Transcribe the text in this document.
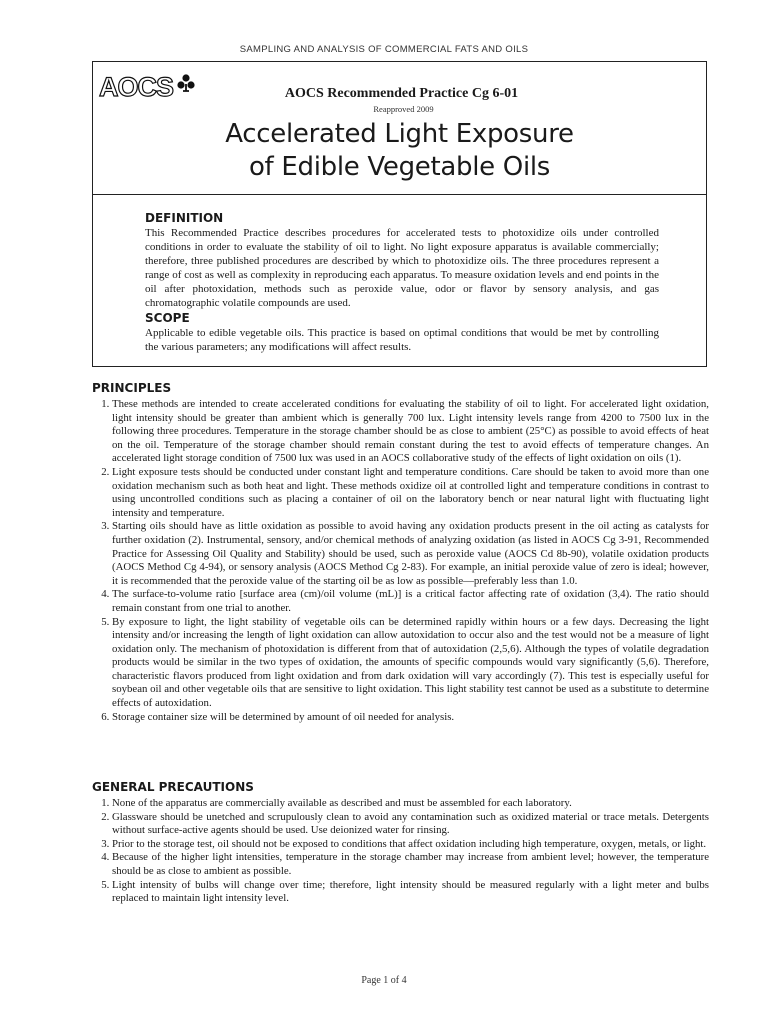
SAMPLING AND ANALYSIS OF COMMERCIAL FATS AND OILS
AOCS	AOCS Recommended Practice Cg 6-01
Reapproved 2009
Accelerated Light Exposure
of Edible Vegetable Oils
DEFINITION

This Recommended Practice describes procedures for accelerated tests to photoxidize oils under controlled conditions in order to evaluate the stability of oil to light. No light exposure apparatus is available commercially; therefore, three published procedures are described by which to photoxidize oils. The three procedures represent a range of cost as well as complexity in reproducing each apparatus. To measure oxidation levels and end points in the oil after photoxidation, methods such as peroxide value, odor or flavor by sensory analysis, and gas chromatographic volatile compounds are used.

SCOPE

Applicable to edible vegetable oils. This practice is based on optimal conditions that would be met by controlling the various parameters; any modifications will affect results.

PRINCIPLES
1. These methods are intended to create accelerated conditions for evaluating the stability of oil to light. For accelerated light oxidation, light intensity should be greater than ambient which is generally 700 lux. Light intensity levels range from 4200 to 7500 lux in the following three procedures. Temperature in the storage chamber should be as close to ambient (25°C) as possible to avoid effects of heat on the oil. Temperature of the storage chamber should remain constant during the test to avoid effects of temperature changes. An accelerated light storage condition of 7500 lux was used in an AOCS collaborative study of the effects of light oxidation on oils (1).
2. Light exposure tests should be conducted under constant light and temperature conditions. Care should be taken to avoid more than one oxidation mechanism such as both heat and light. These methods oxidize oil at controlled light and temperature conditions in contrast to using uncontrolled conditions such as placing a container of oil on the laboratory bench or near natural light with fluctuating light intensity and temperature.
3. Starting oils should have as little oxidation as possible to avoid having any oxidation products present in the oil acting as catalysts for further oxidation (2). Instrumental, sensory, and/or chemical methods of analyzing oxidation (as listed in AOCS Cg 3-91, Recommended Practice for Assessing Oil Quality and Stability) should be used, such as peroxide value (AOCS Cd 8b-90), volatile oxidation products (AOCS Method Cg 4-94), or sensory analysis (AOCS Method Cg 2-83). For example, an initial peroxide value of zero is ideal; however, it is recommended that the peroxide value of the starting oil be as low as possible—preferably less than 1.0.
4. The surface-to-volume ratio [surface area (cm)/oil volume (mL)] is a critical factor affecting rate of oxidation (3,4). The ratio should remain constant from one trial to another.
5. By exposure to light, the light stability of vegetable oils can be determined rapidly within hours or a few days. Decreasing the light intensity and/or increasing the length of light oxidation can allow autoxidation to occur also and the test would not be a measure of light oxidation only. The mechanism of photoxidation is different from that of autoxidation (2,5,6). Although the types of volatile degradation products would be similar in the two types of oxidation, the amounts of specific compounds would vary significantly (5,6). Therefore, characteristic flavors produced from light oxidation and from dark oxidation will vary accordingly (7). This test is especially useful for soybean oil and other vegetable oils that are sensitive to light oxidation. This light stability test cannot be used as a substitute to determine effects of autoxidation.
6. Storage container size will be determined by amount of oil needed for analysis.
GENERAL PRECAUTIONS
1. None of the apparatus are commercially available as described and must be assembled for each laboratory.
2. Glassware should be unetched and scrupulously clean to avoid any contamination such as oxidized material or trace metals. Detergents without surface-active agents should be used. Use deionized water for rinsing.
3. Prior to the storage test, oil should not be exposed to conditions that affect oxidation including high temperature, oxygen, metals, or light.
4. Because of the higher light intensities, temperature in the storage chamber may increase from ambient level; however, the temperature should be as close to ambient as possible.
5. Light intensity of bulbs will change over time; therefore, light intensity should be measured regularly with a light meter and bulbs replaced to maintain light intensity level.
Page 1 of 4
